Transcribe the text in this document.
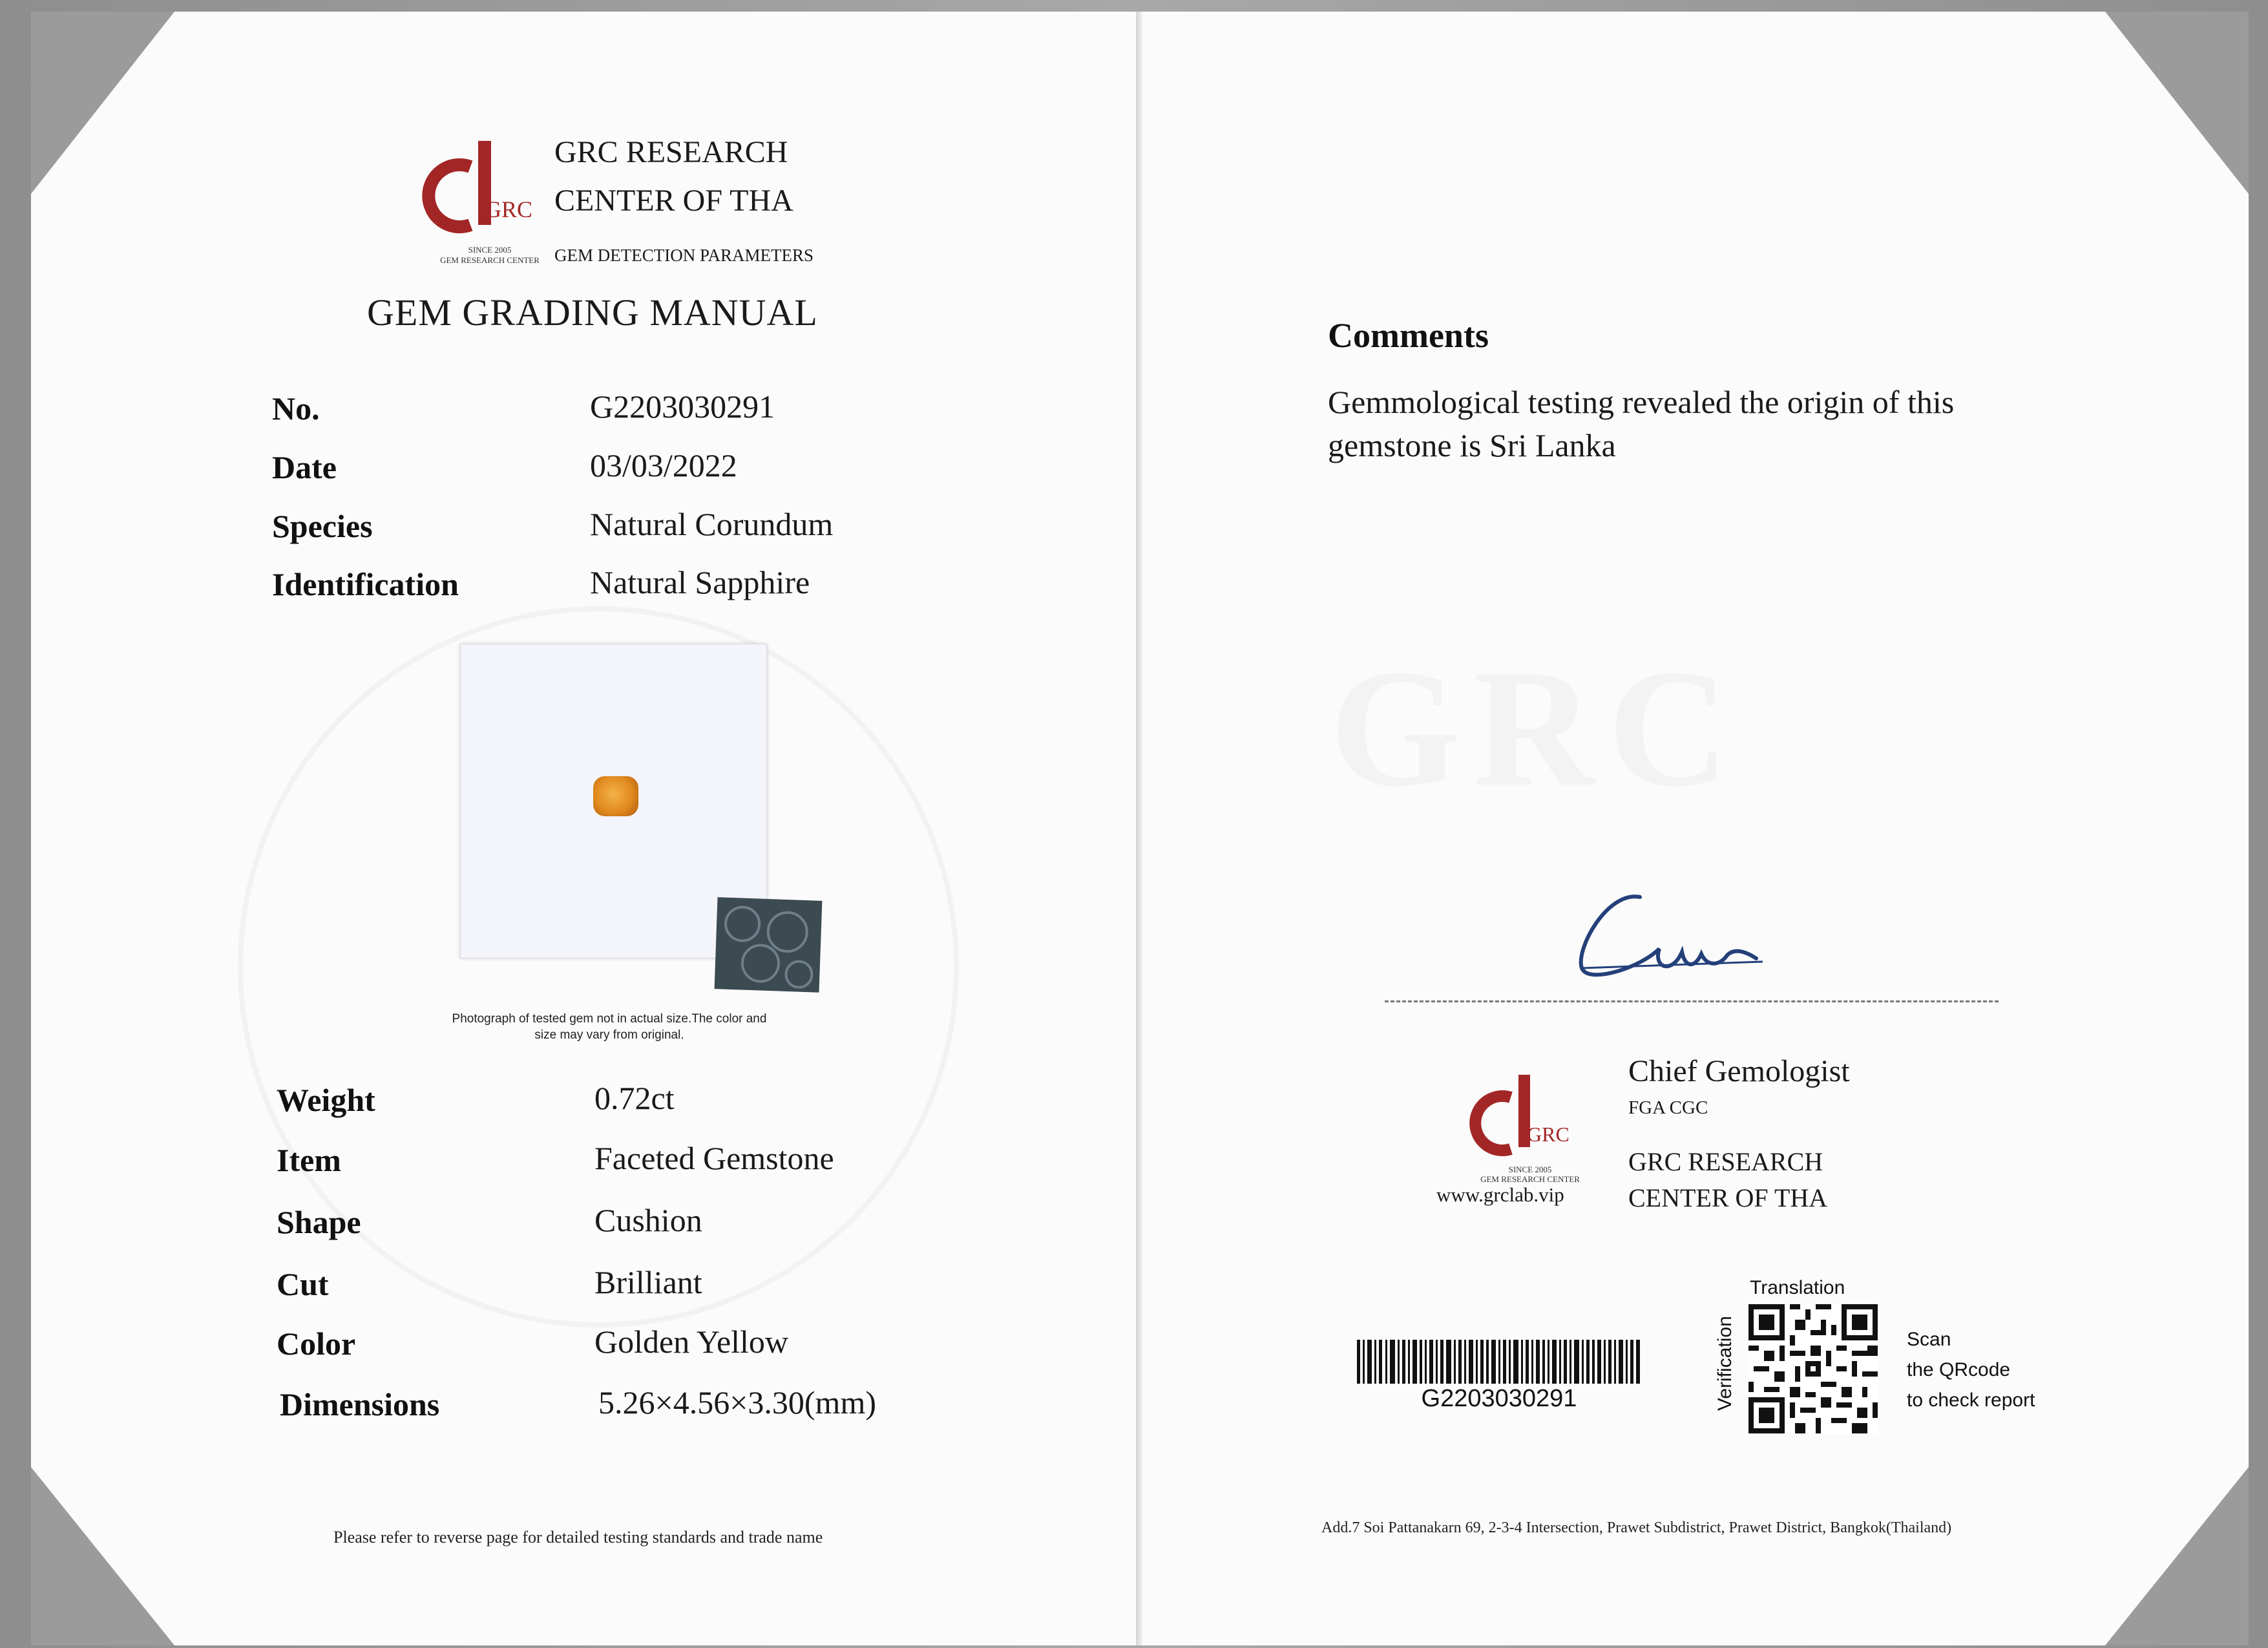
GRC
SINCE 2005
GEM RESEARCH CENTER
GRC RESEARCH
CENTER OF THA
GEM DETECTION PARAMETERS
GEM GRADING MANUAL
No.	G2203030291
Date	03/03/2022
Species	Natural Corundum
Identification	Natural Sapphire
Photograph of tested gem not in actual size.The color and
size may vary from original.
Weight	0.72ct
Item	Faceted Gemstone
Shape	Cushion
Cut	Brilliant
Color	Golden Yellow
Dimensions	5.26×4.56×3.30(mm)
Please refer to reverse page for detailed testing standards and trade name
Comments
Gemmological testing revealed the origin of this
gemstone is Sri Lanka
GRC
SINCE 2005
GEM RESEARCH CENTER
www.grclab.vip
Chief Gemologist
FGA CGC
GRC RESEARCH
CENTER OF THA
G2203030291
Translation
Verification	Scan
the QRcode
to check report
Add.7 Soi Pattanakarn 69, 2-3-4 Intersection, Prawet Subdistrict, Prawet District, Bangkok(Thailand)
